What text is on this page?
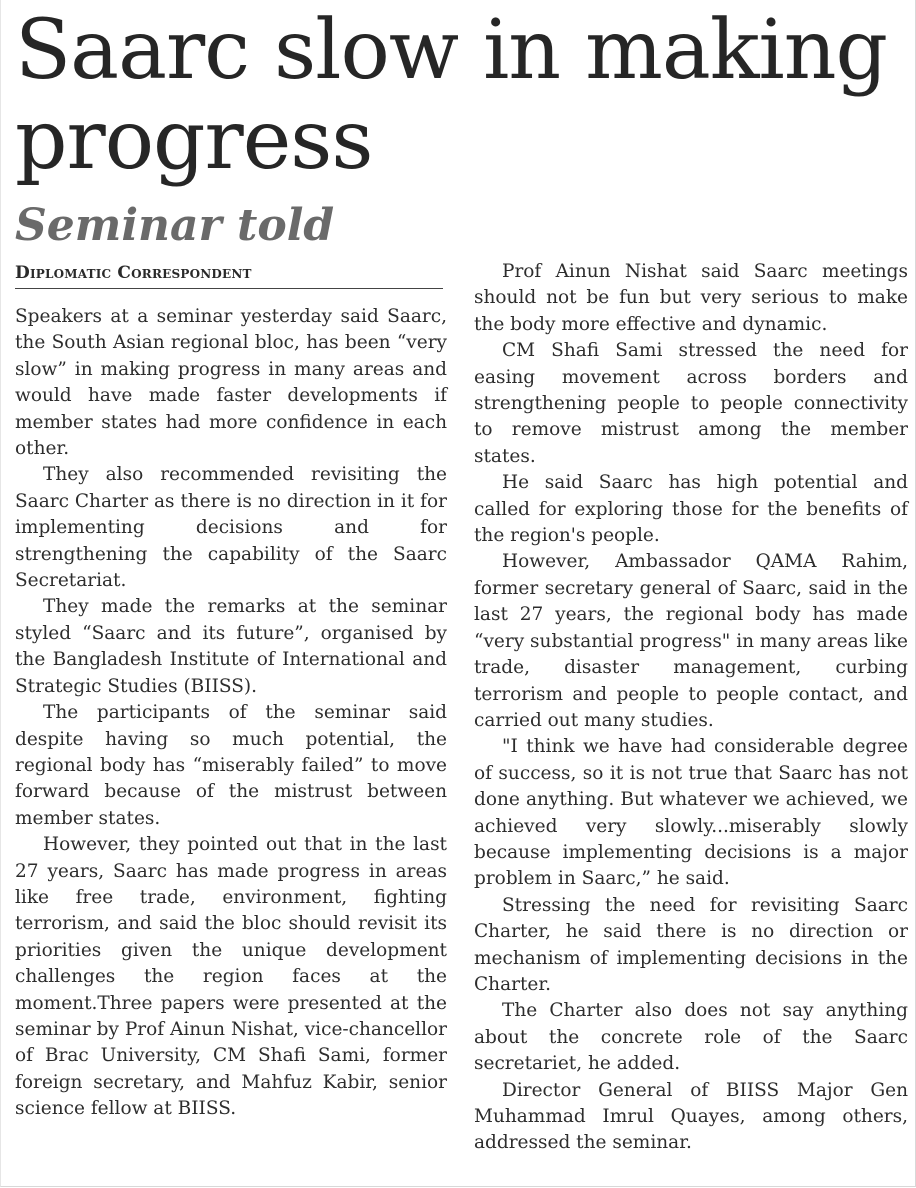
Saarc slow in making progress
Seminar told
Diplomatic Correspondent

Speakers at a seminar yesterday said Saarc, the South Asian regional bloc, has been “very slow” in making progress in many areas and would have made faster developments if member states had more confidence in each other.

They also recommended revisiting the Saarc Charter as there is no direction in it for implementing decisions and for strengthening the capability of the Saarc Secretariat.

They made the remarks at the seminar styled “Saarc and its future”, organised by the Bangladesh Institute of International and Strategic Studies (BIISS).

The participants of the seminar said despite having so much potential, the regional body has “miserably failed” to move forward because of the mistrust between member states.

However, they pointed out that in the last 27 years, Saarc has made progress in areas like free trade, environment, fighting terrorism, and said the bloc should revisit its priorities given the unique development challenges the region faces at the moment.Three papers were presented at the seminar by Prof Ainun Nishat, vice-chancellor of Brac University, CM Shafi Sami, former foreign secretary, and Mahfuz Kabir, senior science fellow at BIISS.

Prof Ainun Nishat said Saarc meetings should not be fun but very serious to make the body more effective and dynamic.

CM Shafi Sami stressed the need for easing movement across borders and strengthening people to people connectivity to remove mistrust among the member states.

He said Saarc has high potential and called for exploring those for the benefits of the region's people.

However, Ambassador QAMA Rahim, former secretary general of Saarc, said in the last 27 years, the regional body has made “very substantial progress" in many areas like trade, disaster management, curbing terrorism and people to people contact, and carried out many studies.

"I think we have had considerable degree of success, so it is not true that Saarc has not done anything. But whatever we achieved, we achieved very slowly...miserably slowly because implementing decisions is a major problem in Saarc,” he said.

Stressing the need for revisiting Saarc Charter, he said there is no direction or mechanism of implementing decisions in the Charter.

The Charter also does not say anything about the concrete role of the Saarc secretariet, he added.

Director General of BIISS Major Gen Muhammad Imrul Quayes, among others, addressed the seminar.
